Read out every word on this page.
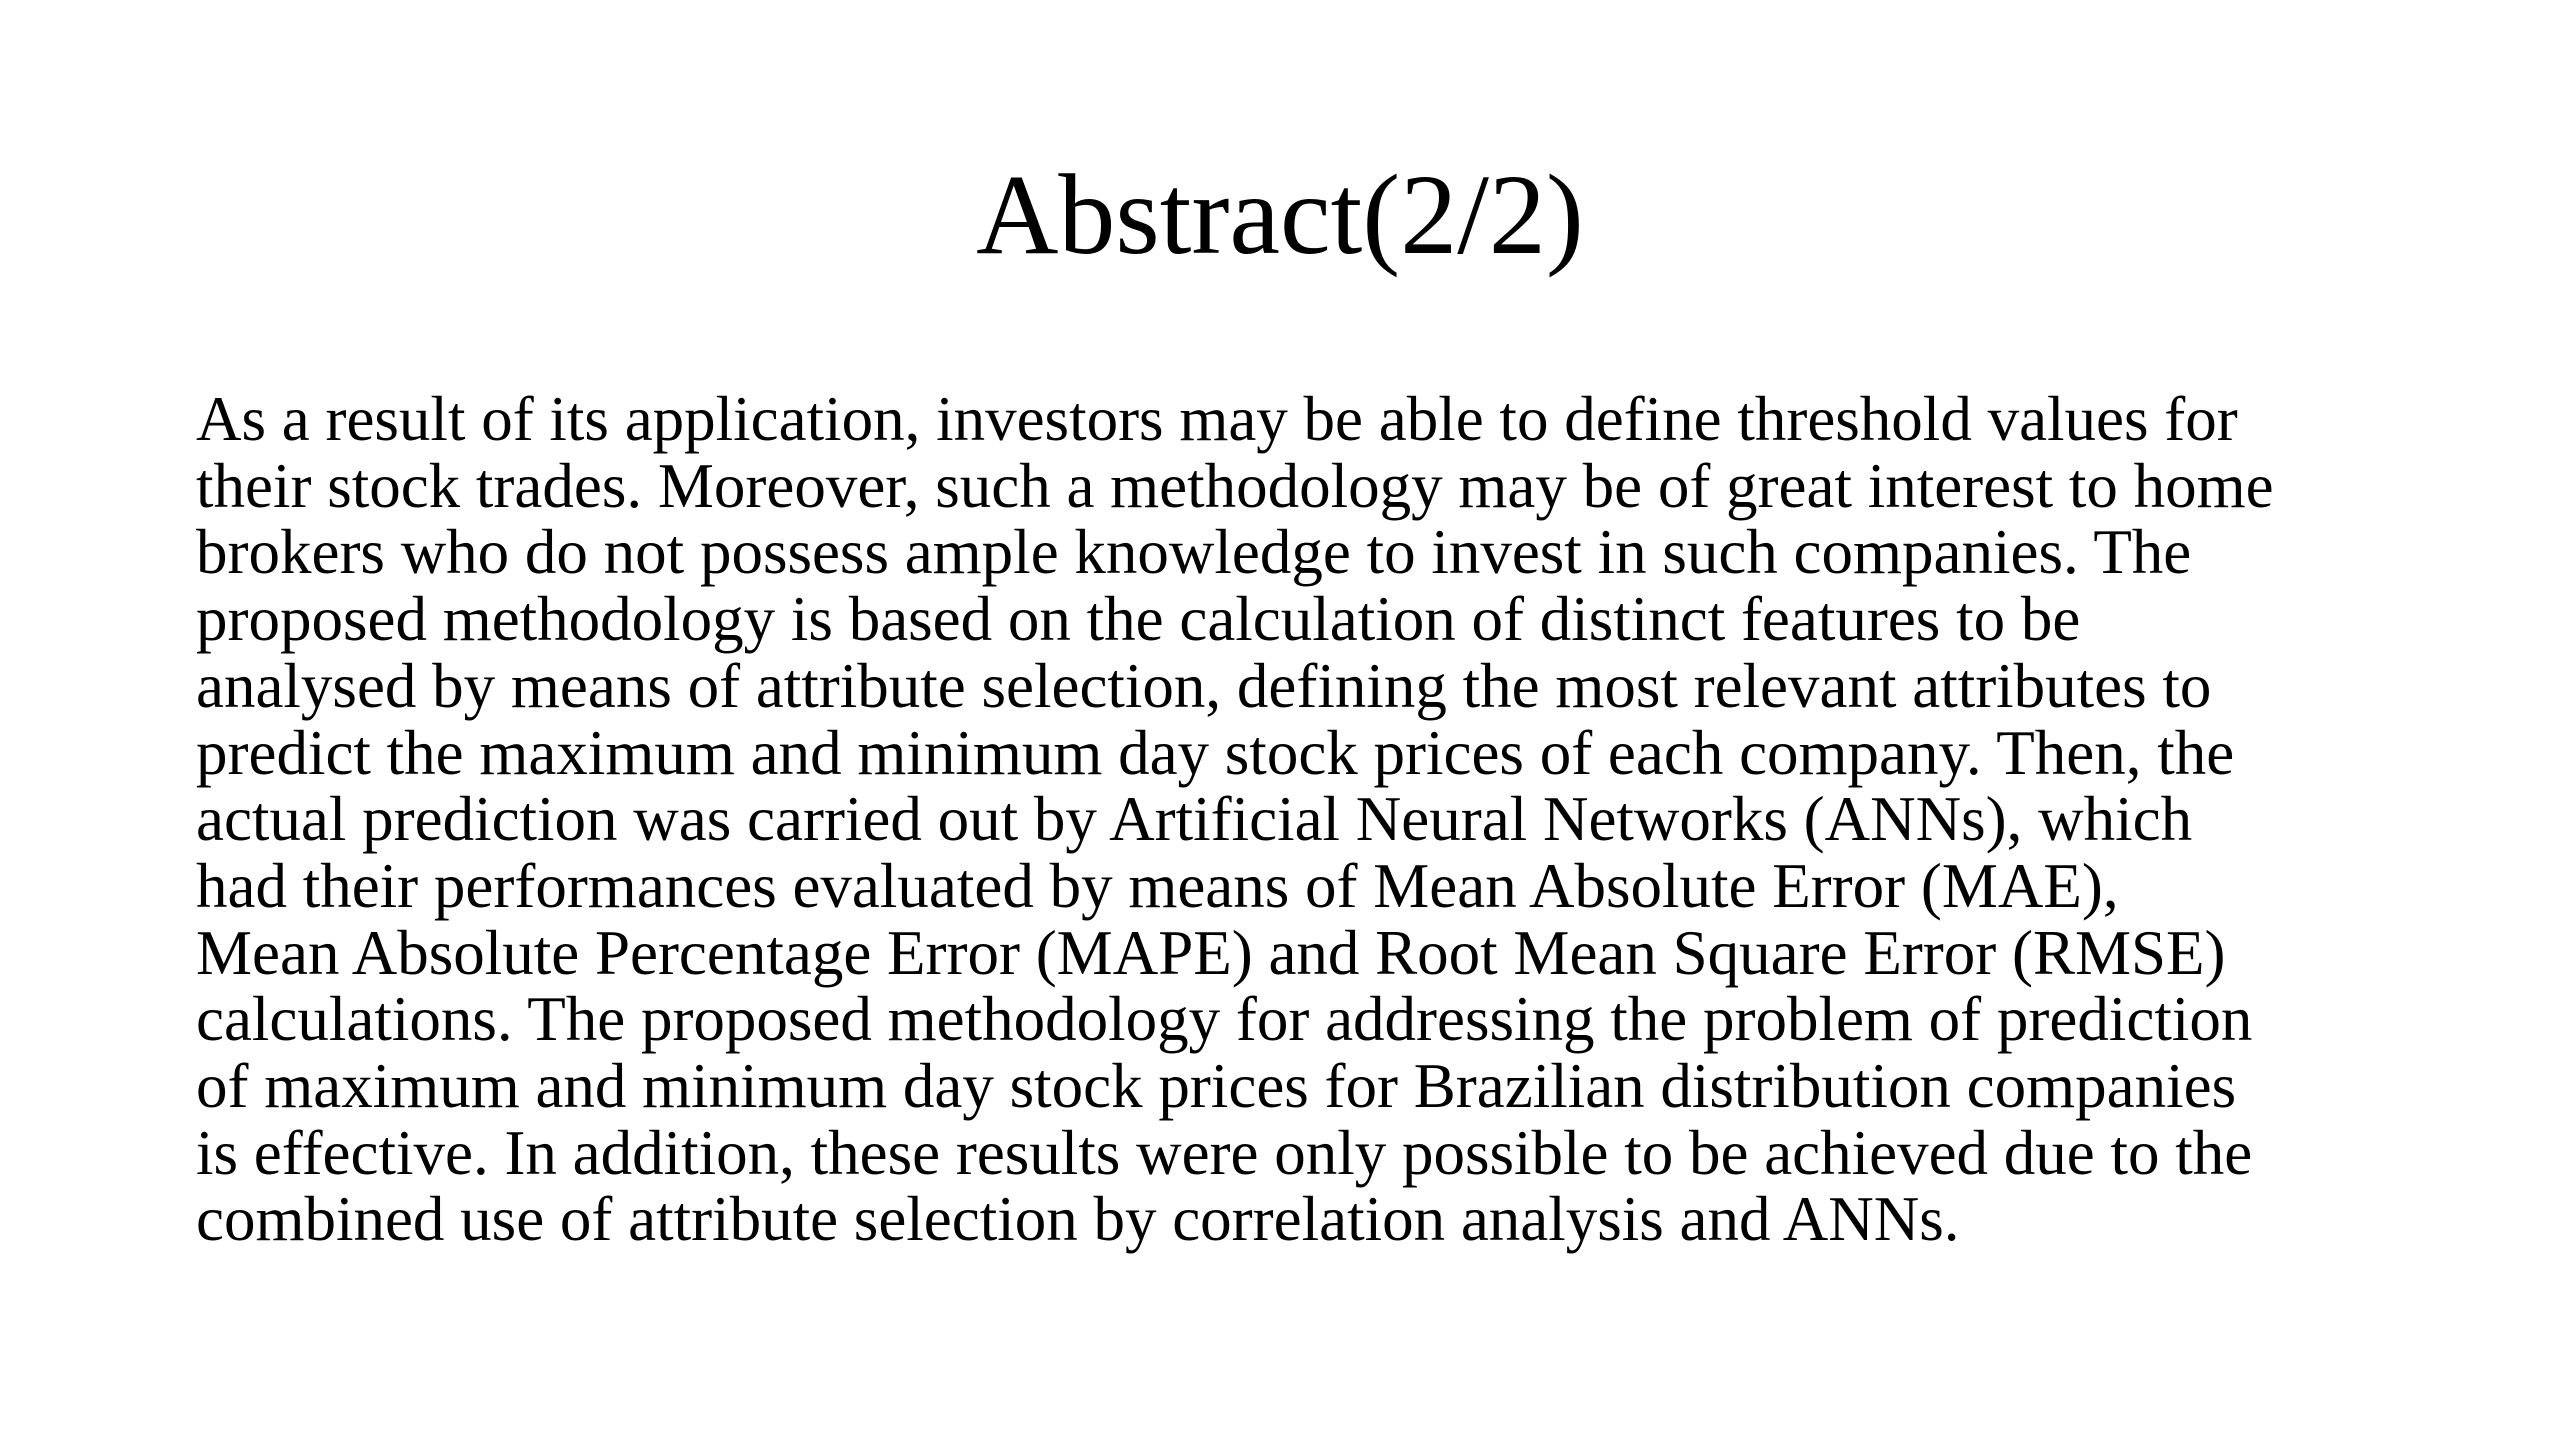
Abstract(2/2)

As a result of its application, investors may be able to define threshold values for
their stock trades. Moreover, such a methodology may be of great interest to home
brokers who do not possess ample knowledge to invest in such companies. The
proposed methodology is based on the calculation of distinct features to be
analysed by means of attribute selection, defining the most relevant attributes to
predict the maximum and minimum day stock prices of each company. Then, the
actual prediction was carried out by Artificial Neural Networks (ANNs), which
had their performances evaluated by means of Mean Absolute Error (MAE),
Mean Absolute Percentage Error (MAPE) and Root Mean Square Error (RMSE)
calculations. The proposed methodology for addressing the problem of prediction
of maximum and minimum day stock prices for Brazilian distribution companies
is effective. In addition, these results were only possible to be achieved due to the
combined use of attribute selection by correlation analysis and ANNs.
